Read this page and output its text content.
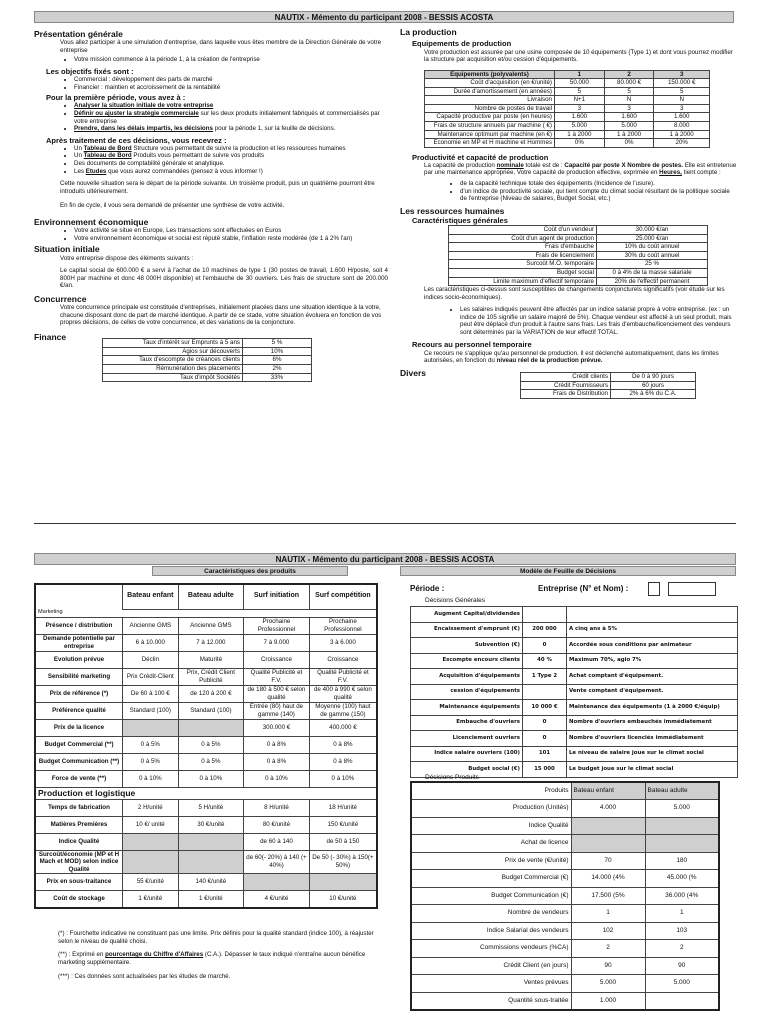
NAUTIX - Mémento du participant 2008 - BESSIS ACOSTA
Présentation générale

Vous allez participer à une simulation d'entreprise, dans laquelle vous êtes membre de la Direction Générale de votre entreprise

• Votre mission commence à la période 1, à la création de l'entreprise
Les objectifs fixés sont :
• Commercial : développement des parts de marché
• Financier : maintien et accroissement de la rentabilité
Pour la première période, vous avez à :
• Analyser la situation initiale de votre entreprise
• Définir ou ajuster la stratégie commerciale sur les deux produits initialement fabriqués et commercialisés par votre entreprise
• Prendre, dans les délais impartis, les décisions pour la période 1, sur la feuille de décisions.
Après traitement de ces décisions, vous recevrez :
• Un Tableau de Bord Structure vous permettant de suivre la production et les ressources humaines
• Un Tableau de Bord Produits vous permettant de suivre vos produits
• Des documents de comptabilité générale et analytique.
• Les Etudes que vous aurez commandées (pensez à vous informer !)

Cette nouvelle situation sera le départ de la période suivante. Un troisième produit, puis un quatrième pourront être introduits ultérieurement.

En fin de cycle, il vous sera demandé de présenter une synthèse de votre activité.

Environnement économique
• Votre activité se situe en Europe, Les transactions sont effectuées en Euros
• Votre environnement économique et social est réputé stable, l'inflation reste modérée (de 1 à 2% l'an)
Situation initiale

Votre entreprise dispose des éléments suivants :

Le capital social de 600.000 € a servi à l'achat de 10 machines de type 1 (30 postes de travail, 1.600 H/poste, soit 4 800H par machine et donc 48 000H disponible) et l'embauche de 30 ouvriers. Les frais de structure sont de 200.000 €/an.

Concurrence

Votre concurrence principale est constituée d'entreprises, initialement placées dans une situation identique à la votre, chacune disposant donc de part de marché identique. A partir de ce stade, votre situation évoluera en fonction de vos propres décisions, de celles de votre concurrence, et des variations de la conjoncture.

Finance
Taux d'intérêt sur Emprunts à 5 ans	5 %
Agios sur découverts	10%
Taux d'escompte de créances clients	6%
Rémunération des placements	2%
Taux d'impôt Sociétés	33%
La production
Equipements de production

Votre production est assurée par une usine composée de 10 équipements (Type 1) et dont vous pourrez modifier la structure par acquisition et/ou cession d'équipements.

Equipements (polyvalents)	1	2	3
Coût d'acquisition (en €/unité)	50.000	80.000 €	150.000 €
Durée d'amortissement (en années)	5	5	5
Livraison	N+1	N	N
Nombre de postes de travail	3	3	3
Capacité productive par poste (en heures)	1.600	1.600	1.600
Frais de structure annuels par machine ( €)	5.000	5.000	8.000
Maintenance optimum par machine (en €)	1 à 2000	1 à 2000	1 à 2000
Economie en MP et H machine et Hommes	0%	0%	20%
Productivité et capacité de production

La capacité de production nominale totale est de : Capacité par poste X Nombre de postes. Elle est entretenue par une maintenance appropriée. Votre capacité de production effective, exprimée en Heures, tient compte :

• de la capacité technique totale des équipements (Incidence de l'usure).
• d'un indice de productivité sociale, qui tient compte du climat social résultant de la politique sociale de l'entreprise (Niveau de salaires, Budget Social, etc.)
Les ressources humaines
Caractéristiques générales
Coût d'un vendeur	30.000 €/an
Coût d'un agent de production	25.000 €/an
Frais d'embauche	10% du coût annuel
Frais de licenciement	30% du coût annuel
Surcoût M.O. temporaire	25 %
Budget social	0 à 4% de la masse salariale
Limite maximum d'effectif temporaire	20% de l'effectif permanent

Les caractéristiques ci-dessus sont susceptibles de changements conjoncturels significatifs (voir étude sur les indices socio-économiques).

• Les salaires indiqués peuvent être affectés par un indice salarial propre à votre entreprise. (ex : un indice de 105 signifie un salaire majoré de 5%). Chaque vendeur est affecté à un seul produit, mais peut être déplacé d'un produit à l'autre sans frais. Les frais d'embauche/licenciement des vendeurs sont déterminés par la VARIATION de leur effectif TOTAL.
Recours au personnel temporaire

Ce recours ne s'applique qu'au personnel de production. Il est déclenché automatiquement, dans les limites autorisées, en fonction du niveau réel de la production prévue.

Divers	Crédit clients	De 0 à 90 jours
Crédit Fournisseurs	60 jours
Frais de Distribution	2% à 6% du C.A.
NAUTIX - Mémento du participant 2008 - BESSIS ACOSTA
Caractéristiques des produits
	Bateau enfant	Bateau adulte	Surf initiation	Surf compétition
Marketing				
Présence / distribution	Ancienne GMS	Ancienne GMS	Prochaine Professionnel	Prochaine Professionnel
Demande potentielle par entreprise	6 à 10.000	7 à 12.000	7 à 9.000	3 à 6.000
Evolution prévue	Déclin	Maturité	Croissance	Croissance
Sensibilité marketing	Prix Crédit-Client	Prix, Crédit Client Publicité	Qualité Publicité et F.V.	Qualité Publicité et F.V.
Prix de référence (*)	De 60 à 100 €	de 120 à 200 €	de 180 à 500 € selon qualité	de 400 à 990 € selon qualité
Préférence qualité	Standard (100)	Standard (100)	Entrée (80) haut de gamme (140)	Moyenne (100) haut de gamme (150)
Prix de la licence			300.000 €	400.000 €
Budget Commercial (**)	0 à 5%	0 à 5%	0 à 8%	0 à 8%
Budget Communication (**)	0 à 5%	0 à 5%	0 à 8%	0 à 8%
Force de vente (**)	0 à 10%	0 à 10%	0 à 10%	0 à 10%
Production et logistique				
Temps de fabrication	2 H/unité	5 H/unité	8 H/unité	18 H/unité
Matières Premières	10 €/ unité	30 €/unité	80 €/unité	150 €/unité
Indice Qualité			de 60 à 140	de 50 à 150
Surcoût/économie (MP et H Mach et MOD) selon indice Qualité			de 60(- 20%) à 140 (+ 40%)	De 50 (- 30%) à 150(+ 50%)
Prix en sous-traitance	55 €/unité	140 €/unité		
Coût de stockage	1 €/unité	1 €/unité	4 €/unité	10 €/unité

(*) : Fourchette indicative ne constituant pas une limite. Prix définis pour la qualité standard (indice 100), à réajuster selon le niveau de qualité choisi.

(**) : Exprimé en pourcentage du Chiffre d'Affaires (C.A.). Dépasser le taux indiqué n'entraîne aucun bénéfice marketing supplémentaire.

(***) : Ces données sont actualisées par les études de marché.

Modèle de Feuille de Décisions
Période :	Entreprise (N° et Nom) :
Décisions Générales
Augment Capital/dividendes		
Encaissement d'emprunt (€)	200 000	A cinq ans à 5%
Subvention (€)	0	Accordée sous conditions par animateur
Escompte encours clients	40 %	Maximum 70%, agio 7%
Acquisition d'équipements	1 Type 2	Achat comptant d'équipement.
cession d'équipements		Vente comptant d'équipement.
Maintenance équipements	10 000 €	Maintenance des équipements (1 à 2000 €/équip)
Embauche d'ouvriers	0	Nombre d'ouvriers embauchés immédiatement
Licenciement ouvriers	0	Nombre d'ouvriers licenciés immédiatement
Indice salaire ouvriers (100)	101	Le niveau de salaire joue sur le climat social
Budget social (€)	15 000	Le budget joue sur le climat social
Décisions Produits
Produits	Bateau enfant	Bateau adulte
Production (Unités)	4.000	5.000
Indice Qualité		
Achat de licence		
Prix de vente (€/unité)	70	180
Budget Commercial (€)	14.000 (4%	45.000 (%
Budget Communication (€)	17.500 (5%	36.000 (4%
Nombre de vendeurs	1	1
Indice Salarial des vendeurs	102	103
Commissions vendeurs (%CA)	2	2
Crédit Client (en jours)	90	90
Ventes prévues	5.000	5.000
Quantité sous-traitée	1.000	
